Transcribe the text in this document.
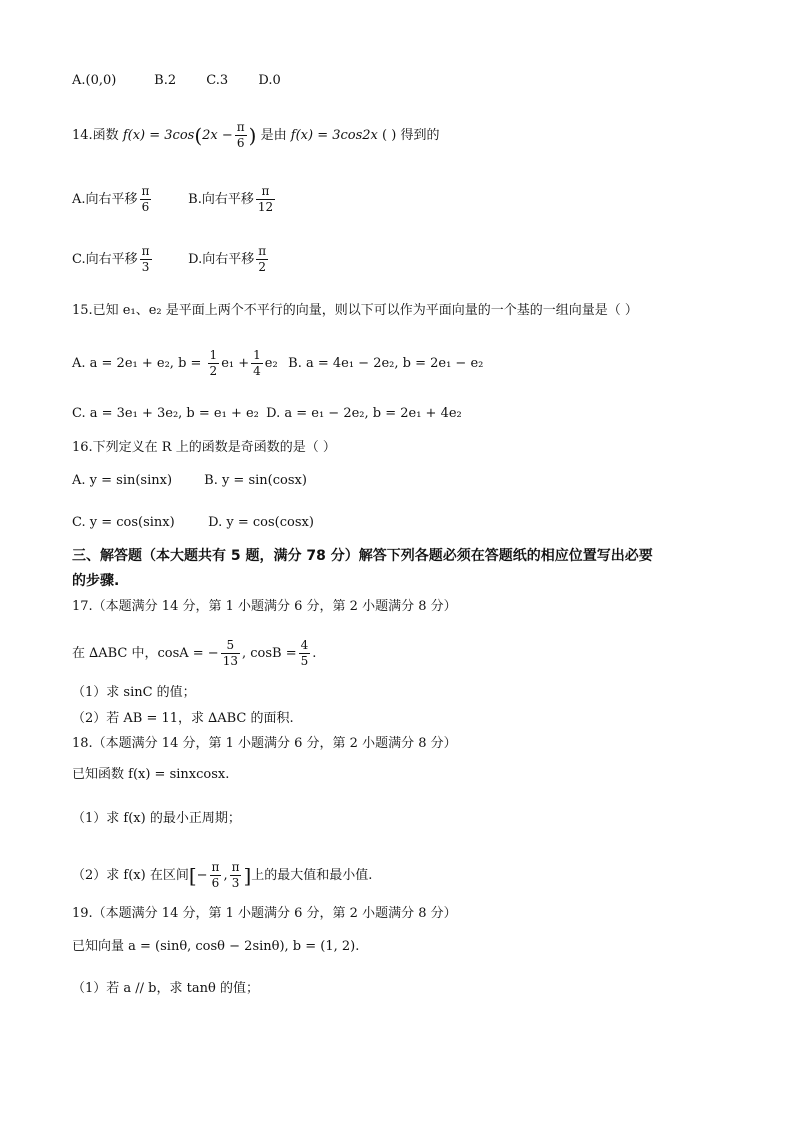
A.(0,0)	B.2 C.3 D.0
14.函数 $f(x) = 3\cos(2x - \frac{\pi}{6}$ ) 是由 f(x) = 3cos2x ( ) 得到的
A.向右平移 $\frac{\pi}{6}$	B.向右平移 $\frac{\pi}{12}$
C.向右平移 $\frac{\pi}{3}$	D.向右平移 $\frac{\pi}{2}$
15.已知 e₁、e₂ 是平面上两个不平行的向量，则以下可以作为平面向量的一个基的一组向量是（ ）
A. a = 2e₁ + e₂, $b = \frac{1}{2} e_1 + \frac{1}{4} e_2$ B. a = 4e₁ − 2e₂, b = 2e₁ − e₂
C. a = 3e₁ + 3e₂, b = e₁ + e₂ D. a = e₁ − 2e₂, b = 2e₁ + 4e₂
16.下列定义在 R 上的函数是奇函数的是（ ）
A. y = sin(sinx) B. y = sin(cosx)
C. y = cos(sinx)	D. y = cos(cosx)
三、解答题（本大题共有 5 题，满分 78 分）解答下列各题必须在答题纸的相应位置写出必要
的步骤.
17.（本题满分 14 分，第 1 小题满分 6 分，第 2 小题满分 8 分）
在 ∆ABC 中，cosA = − $\frac{5}{13}$ , $\cos B = \frac{4}{5}$ .
（1）求 sinC 的值；
（2）若 AB = 11，求 ∆ABC 的面积.
18.（本题满分 14 分，第 1 小题满分 6 分，第 2 小题满分 8 分）
已知函数 f(x) = sinxcosx.
（1）求 f(x) 的最小正周期；
（2）求 f(x) 在区间[− $\frac{\pi}{6}$ , $\frac{\pi}{3}$ ]上的最大值和最小值.
19.（本题满分 14 分，第 1 小题满分 6 分，第 2 小题满分 8 分）
已知向量 a = (sinθ, cosθ − 2sinθ), b = (1, 2).
（1）若 a // b，求 tanθ 的值；
